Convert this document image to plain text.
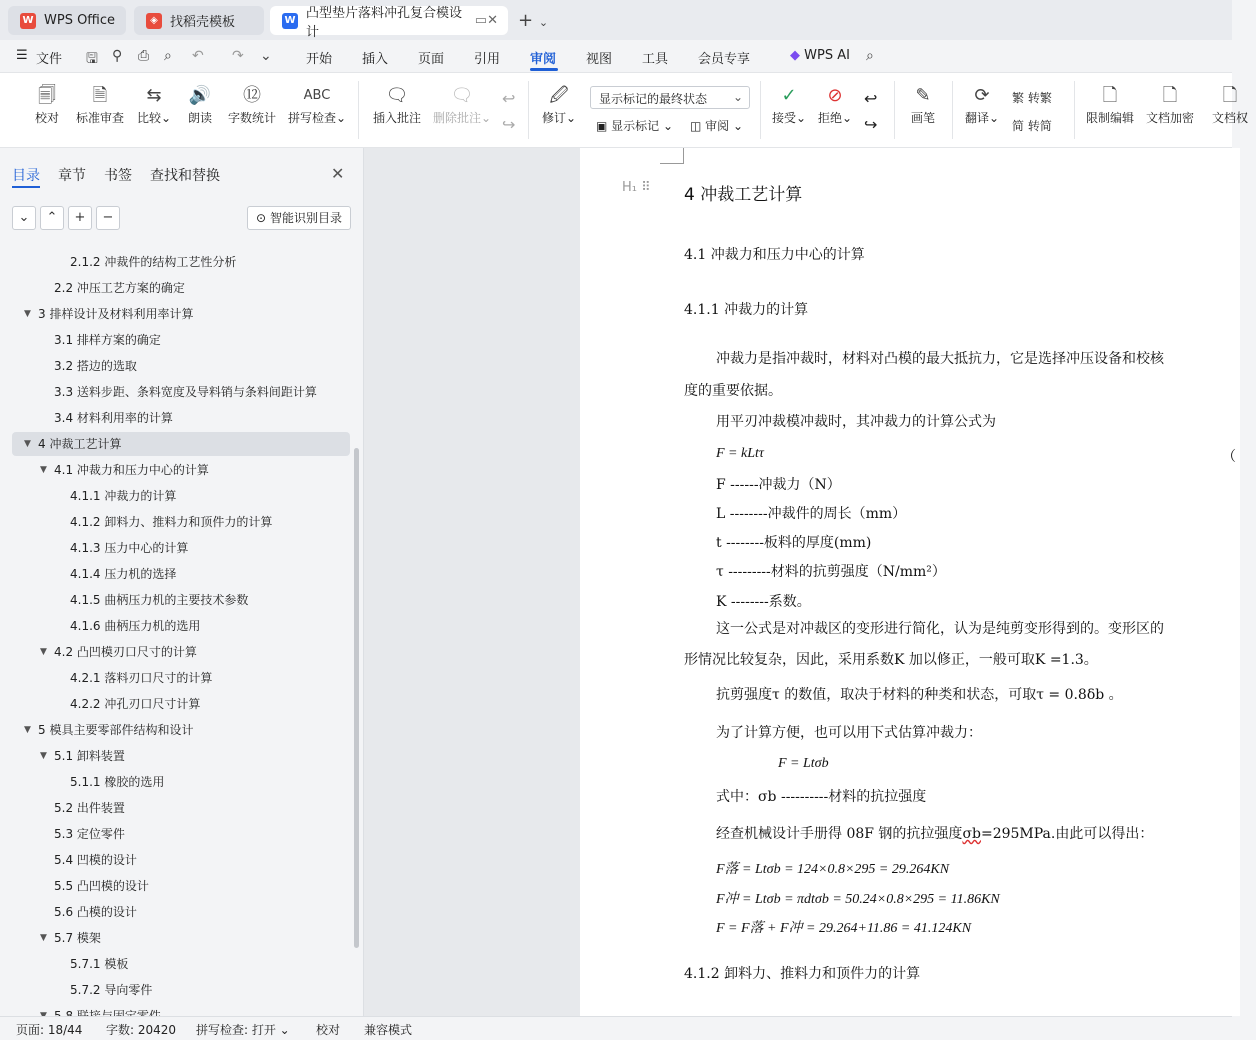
W WPS Office	◈ 找稻壳模板	W 凸型垫片落料冲孔复合模设计
▭ ✕ + ⌄
☰ 文件 🖫 ⚲ ⎙ ⌕ ↶ ↷ ⌄	开始 插入 页面 引用 审阅 视图 工具 会员专享	◆ WPS AI ⌕
🗐
校对
🗎
标准审查
⇆
比较⌄
🔊
朗读
⑫
字数统计
ABC
拼写检查⌄
🗨
插入批注
🗨
删除批注⌄
↩
↪
🖉
修订⌄
显示标记的最终状态 ⌄
▣ 显示标记 ⌄ ◫ 审阅 ⌄
✓
接受⌄
⊘
拒绝⌄
↩
↪
✎
画笔
⟳
翻译⌄
繁 转繁
简 转简
🗋
限制编辑
🗋
文档加密
🗋
文档权
目录 章节 书签 查找和替换	✕
⌄	⌃	+	−	⊙ 智能识别目录
2.1.2 冲裁件的结构工艺性分析
2.2 冲压工艺方案的确定
▼ 3 排样设计及材料利用率计算
3.1 排样方案的确定
3.2 搭边的选取
3.3 送料步距、条料宽度及导料销与条料间距计算
3.4 材料利用率的计算
▼ 4 冲裁工艺计算
▼ 4.1 冲裁力和压力中心的计算
4.1.1 冲裁力的计算
4.1.2 卸料力、推料力和顶件力的计算
4.1.3 压力中心的计算
4.1.4 压力机的选择
4.1.5 曲柄压力机的主要技术参数
4.1.6 曲柄压力机的选用
▼ 4.2 凸凹模刃口尺寸的计算
4.2.1 落料刃口尺寸的计算
4.2.2 冲孔刃口尺寸计算
▼ 5 模具主要零部件结构和设计
▼ 5.1 卸料装置
5.1.1 橡胶的选用
5.2 出件装置
5.3 定位零件
5.4 凹模的设计
5.5 凸凹模的设计
5.6 凸模的设计
▼ 5.7 模架
5.7.1 模板
5.7.2 导向零件
H₁ ⠿ 4 冲裁工艺计算
4.1 冲裁力和压力中心的计算
4.1.1 冲裁力的计算
冲裁力是指冲裁时，材料对凸模的最大抵抗力，它是选择冲压设备和校核
度的重要依据。
用平刃冲裁模冲裁时，其冲裁力的计算公式为
F = kLtτ	（
F ------冲裁力（N）
L --------冲裁件的周长（mm）
t --------板料的厚度(mm)
τ ---------材料的抗剪强度（N/mm²）
K --------系数。
这一公式是对冲裁区的变形进行简化，认为是纯剪变形得到的。变形区的
形情况比较复杂，因此，采用系数K 加以修正，一般可取K =1.3。
抗剪强度τ 的数值，取决于材料的种类和状态，可取τ = 0.8δb 。
为了计算方便，也可以用下式估算冲裁力：
F = Ltσb
式中：σb ----------材料的抗拉强度
经查机械设计手册得 08F 钢的抗拉强度σb=295MPa.由此可以得出：
F落 = Ltσb = 124×0.8×295 = 29.264KN
F冲 = Ltσb = πdtσb = 50.24×0.8×295 = 11.86KN
F = F落 + F冲 = 29.264+11.86 = 41.124KN
4.1.2 卸料力、推料力和顶件力的计算
页面: 18/44 字数: 20420 拼写检查: 打开 ⌄ 校对 兼容模式
